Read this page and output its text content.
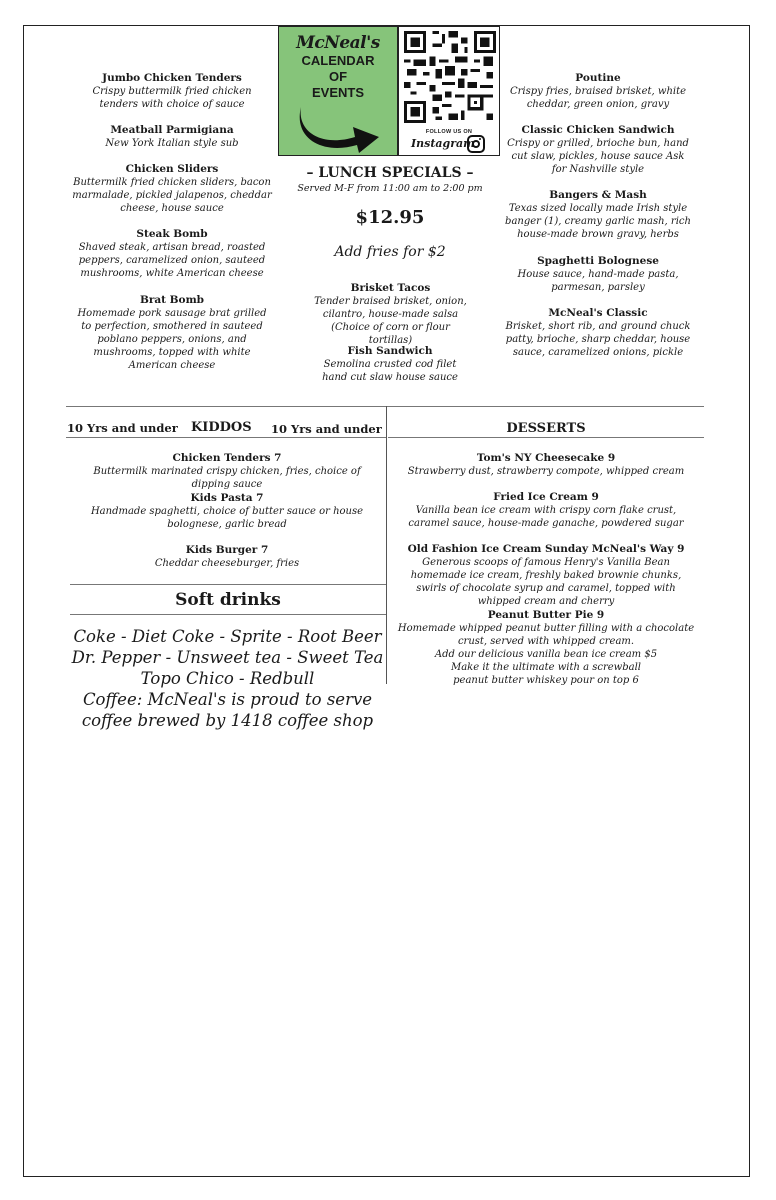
McNeal's
CALENDAR
OF
EVENTS
FOLLOW US ON
Instagram
Jumbo Chicken Tenders
Crispy buttermilk fried chicken tenders with choice of sauce
Meatball Parmigiana
New York Italian style sub
Chicken Sliders
Buttermilk fried chicken sliders, bacon marmalade, pickled jalapenos, cheddar cheese, house sauce
Steak Bomb
Shaved steak, artisan bread, roasted peppers, caramelized onion, sauteed mushrooms, white American cheese
Brat Bomb
Homemade pork sausage brat grilled to perfection, smothered in sauteed poblano peppers, onions, and mushrooms, topped with white American cheese
– LUNCH SPECIALS –
Served M-F from 11:00 am to 2:00 pm
$12.95
Add fries for $2
Brisket Tacos
Tender braised brisket, onion, cilantro, house-made salsa (Choice of corn or flour tortillas)
Fish Sandwich
Semolina crusted cod filet hand cut slaw house sauce
Poutine
Crispy fries, braised brisket, white cheddar, green onion, gravy
Classic Chicken Sandwich
Crispy or grilled, brioche bun, hand cut slaw, pickles, house sauce Ask for Nashville style
Bangers & Mash
Texas sized locally made Irish style banger (1), creamy garlic mash, rich house-made brown gravy, herbs
Spaghetti Bolognese
House sauce, hand-made pasta, parmesan, parsley
McNeal's Classic
Brisket, short rib, and ground chuck patty, brioche, sharp cheddar, house sauce, caramelized onions, pickle
10 Yrs and under KIDDOS 10 Yrs and under
Chicken Tenders 7
Buttermilk marinated crispy chicken, fries, choice of dipping sauce
Kids Pasta 7
Handmade spaghetti, choice of butter sauce or house bolognese, garlic bread
Kids Burger 7
Cheddar cheeseburger, fries
Soft drinks
Coke - Diet Coke - Sprite - Root Beer
Dr. Pepper - Unsweet tea - Sweet Tea
Topo Chico - Redbull
Coffee: McNeal's is proud to serve
coffee brewed by 1418 coffee shop
DESSERTS
Tom's NY Cheesecake 9
Strawberry dust, strawberry compote, whipped cream
Fried Ice Cream 9
Vanilla bean ice cream with crispy corn flake crust, caramel sauce, house-made ganache, powdered sugar
Old Fashion Ice Cream Sunday McNeal's Way 9
Generous scoops of famous Henry's Vanilla Bean homemade ice cream, freshly baked brownie chunks, swirls of chocolate syrup and caramel, topped with whipped cream and cherry
Peanut Butter Pie 9
Homemade whipped peanut butter filling with a chocolate crust, served with whipped cream.
Add our delicious vanilla bean ice cream $5
Make it the ultimate with a screwball
peanut butter whiskey pour on top 6
